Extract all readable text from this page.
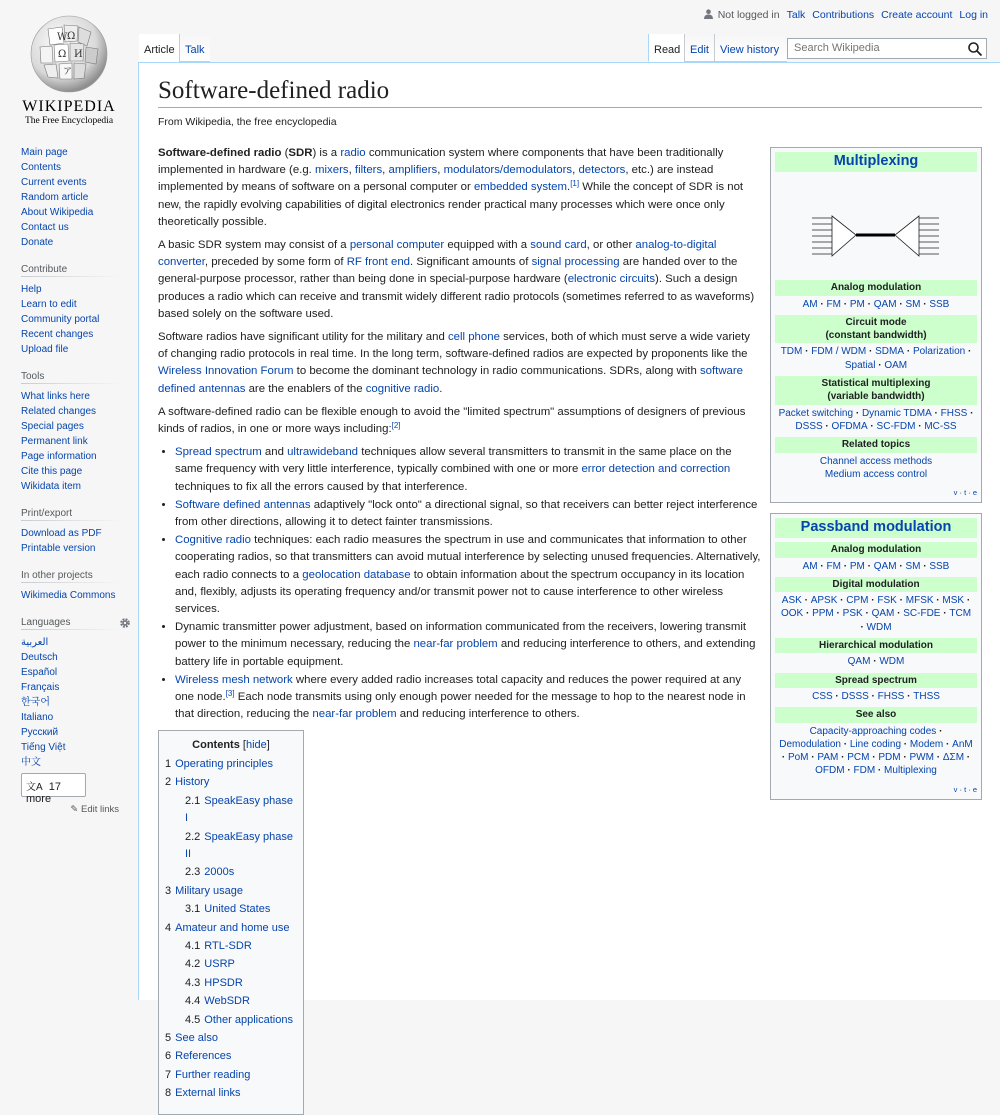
W Ω
Ω И
ア
WIKIPEDIA
The Free Encyclopedia
Not logged in Talk Contributions Create account Log in
Article Talk	Read Edit	View history
Search Wikipedia
Main page
Contents
Current events
Random article
About Wikipedia
Contact us
Donate
Contribute
Help
Learn to edit
Community portal
Recent changes
Upload file
Tools
What links here
Related changes
Special pages
Permanent link
Page information
Cite this page
Wikidata item
Print/export
Download as PDF
Printable version
In other projects
Wikimedia Commons
Languages
العربية
Deutsch
Español
Français
한국어
Italiano
Русский
Tiếng Việt
中文
文A 17 more
✎ Edit links
Software-defined radio
From Wikipedia, the free encyclopedia

Software-defined radio (SDR) is a radio communication system where components that have been traditionally implemented in hardware (e.g. mixers, filters, amplifiers, modulators/demodulators, detectors, etc.) are instead implemented by means of software on a personal computer or embedded system.[1] While the concept of SDR is not new, the rapidly evolving capabilities of digital electronics render practical many processes which were once only theoretically possible.

A basic SDR system may consist of a personal computer equipped with a sound card, or other analog-to-digital converter, preceded by some form of RF front end. Significant amounts of signal processing are handed over to the general-purpose processor, rather than being done in special-purpose hardware (electronic circuits). Such a design produces a radio which can receive and transmit widely different radio protocols (sometimes referred to as waveforms) based solely on the software used.

Software radios have significant utility for the military and cell phone services, both of which must serve a wide variety of changing radio protocols in real time. In the long term, software-defined radios are expected by proponents like the Wireless Innovation Forum to become the dominant technology in radio communications. SDRs, along with software defined antennas are the enablers of the cognitive radio.

A software-defined radio can be flexible enough to avoid the "limited spectrum" assumptions of designers of previous kinds of radios, in one or more ways including:[2]

• Spread spectrum and ultrawideband techniques allow several transmitters to transmit in the same place on the same frequency with very little interference, typically combined with one or more error detection and correction techniques to fix all the errors caused by that interference.
• Software defined antennas adaptively "lock onto" a directional signal, so that receivers can better reject interference from other directions, allowing it to detect fainter transmissions.
• Cognitive radio techniques: each radio measures the spectrum in use and communicates that information to other cooperating radios, so that transmitters can avoid mutual interference by selecting unused frequencies. Alternatively, each radio connects to a geolocation database to obtain information about the spectrum occupancy in its location and, flexibly, adjusts its operating frequency and/or transmit power not to cause interference to other wireless services.
• Dynamic transmitter power adjustment, based on information communicated from the receivers, lowering transmit power to the minimum necessary, reducing the near-far problem and reducing interference to others, and extending battery life in portable equipment.
• Wireless mesh network where every added radio increases total capacity and reduces the power required at any one node.[3] Each node transmits using only enough power needed for the message to hop to the nearest node in that direction, reducing the near-far problem and reducing interference to others.
Contents [hide]
1 Operating principles
2 History
2.1 SpeakEasy phase I
2.2 SpeakEasy phase II
2.3 2000s
3 Military usage
3.1 United States
4 Amateur and home use
4.1 RTL-SDR
4.2 USRP
4.3 HPSDR
4.4 WebSDR
4.5 Other applications
5 See also
6 References
7 Further reading
8 External links
Multiplexing
Analog modulation
AM · FM · PM · QAM · SM · SSB
Circuit mode
(constant bandwidth)
TDM · FDM / WDM · SDMA · Polarization · Spatial · OAM
Statistical multiplexing
(variable bandwidth)
Packet switching · Dynamic TDMA · FHSS · DSSS · OFDMA · SC-FDM · MC-SS
Related topics
Channel access methods
Medium access control
v · t · e
Passband modulation
Analog modulation
AM · FM · PM · QAM · SM · SSB
Digital modulation
ASK · APSK · CPM · FSK · MFSK · MSK · OOK · PPM · PSK · QAM · SC-FDE · TCM · WDM
Hierarchical modulation
QAM · WDM
Spread spectrum
CSS · DSSS · FHSS · THSS
See also
Capacity-approaching codes · Demodulation · Line coding · Modem · AnM · PoM · PAM · PCM · PDM · PWM · ΔΣM · OFDM · FDM · Multiplexing
v · t · e
